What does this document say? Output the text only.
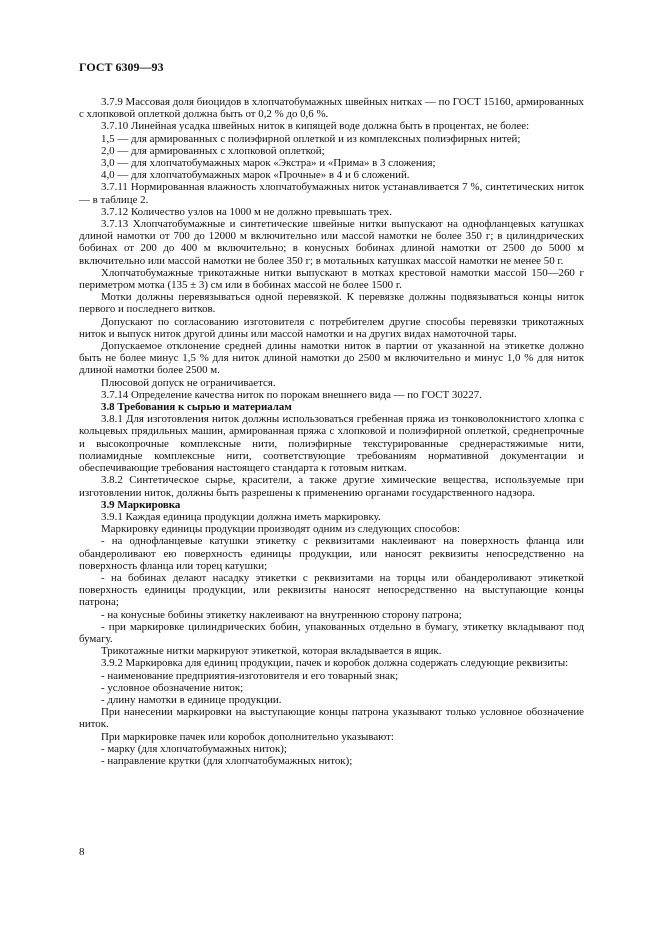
ГОСТ 6309—93

3.7.9 Массовая доля биоцидов в хлопчатобумажных швейных нитках — по ГОСТ 15160, армированных с хлопковой оплеткой должна быть от 0,2 % до 0,6 %.

3.7.10 Линейная усадка швейных ниток в кипящей воде должна быть в процентах, не более:

1,5 — для армированных с полиэфирной оплеткой и из комплексных полиэфирных нитей;

2,0 — для армированных с хлопковой оплеткой;

3,0 — для хлопчатобумажных марок «Экстра» и «Прима» в 3 сложения;

4,0 — для хлопчатобумажных марок «Прочные» в 4 и 6 сложений.

3.7.11 Нормированная влажность хлопчатобумажных ниток устанавливается 7 %, синтетических ниток — в таблице 2.

3.7.12 Количество узлов на 1000 м не должно превышать трех.

3.7.13 Хлопчатобумажные и синтетические швейные нитки выпускают на однофланцевых катушках длиной намотки от 700 до 12000 м включительно или массой намотки не более 350 г; в цилиндрических бобинах от 200 до 400 м включительно; в конусных бобинах длиной намотки от 2500 до 5000 м включительно или массой намотки не более 350 г; в мотальных катушках массой намотки не менее 50 г.

Хлопчатобумажные трикотажные нитки выпускают в мотках крестовой намотки массой 150—260 г периметром мотка (135 ± 3) см или в бобинах массой не более 1500 г.

Мотки должны перевязываться одной перевязкой. К перевязке должны подвязываться концы ниток первого и последнего витков.

Допускают по согласованию изготовителя с потребителем другие способы перевязки трикотажных ниток и выпуск ниток другой длины или массой намотки и на других видах намоточной тары.

Допускаемое отклонение средней длины намотки ниток в партии от указанной на этикетке должно быть не более минус 1,5 % для ниток длиной намотки до 2500 м включительно и минус 1,0 % для ниток длиной намотки более 2500 м.

Плюсовой допуск не ограничивается.

3.7.14 Определение качества ниток по порокам внешнего вида — по ГОСТ 30227.

3.8 Требования к сырью и материалам

3.8.1 Для изготовления ниток должны использоваться гребенная пряжа из тонковолокнистого хлопка с кольцевых прядильных машин, армированная пряжа с хлопковой и полиэфирной оплеткой, среднепрочные и высокопрочные комплексные нити, полиэфирные текстурированные среднерастяжимые нити, полиамидные комплексные нити, соответствующие требованиям нормативной документации и обеспечивающие требования настоящего стандарта к готовым ниткам.

3.8.2 Синтетическое сырье, красители, а также другие химические вещества, используемые при изготовлении ниток, должны быть разрешены к применению органами государственного надзора.

3.9 Маркировка

3.9.1 Каждая единица продукции должна иметь маркировку.

Маркировку единицы продукции производят одним из следующих способов:

- на однофланцевые катушки этикетку с реквизитами наклеивают на поверхность фланца или обандероливают ею поверхность единицы продукции, или наносят реквизиты непосредственно на поверхность фланца или торец катушки;

- на бобинах делают насадку этикетки с реквизитами на торцы или обандероливают этикеткой поверхность единицы продукции, или реквизиты наносят непосредственно на выступающие концы патрона;

- на конусные бобины этикетку наклеивают на внутреннюю сторону патрона;

- при маркировке цилиндрических бобин, упакованных отдельно в бумагу, этикетку вкладывают под бумагу.

Трикотажные нитки маркируют этикеткой, которая вкладывается в ящик.

3.9.2 Маркировка для единиц продукции, пачек и коробок должна содержать следующие реквизиты:

- наименование предприятия-изготовителя и его товарный знак;

- условное обозначение ниток;

- длину намотки в единице продукции.

При нанесении маркировки на выступающие концы патрона указывают только условное обозначение ниток.

При маркировке пачек или коробок дополнительно указывают:

- марку (для хлопчатобумажных ниток);

- направление крутки (для хлопчатобумажных ниток);

8
